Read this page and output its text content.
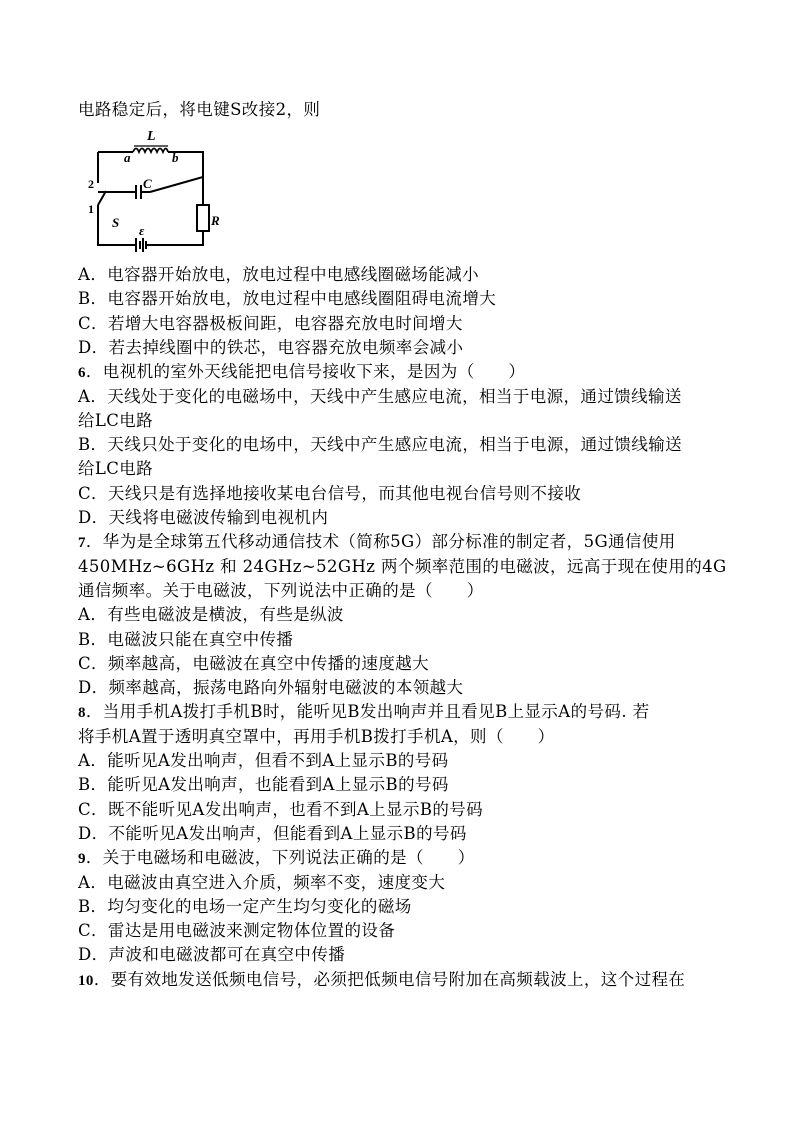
电路稳定后，将电键S改接2，则
L
a	b
C
R
S
ε
2
1
A．电容器开始放电，放电过程中电感线圈磁场能减小
B．电容器开始放电，放电过程中电感线圈阻碍电流增大
C．若增大电容器极板间距，电容器充放电时间增大
D．若去掉线圈中的铁芯，电容器充放电频率会减小
6．电视机的室外天线能把电信号接收下来，是因为（　　）
A．天线处于变化的电磁场中，天线中产生感应电流，相当于电源，通过馈线输送
给LC电路
B．天线只处于变化的电场中，天线中产生感应电流，相当于电源，通过馈线输送
给LC电路
C．天线只是有选择地接收某电台信号，而其他电视台信号则不接收
D．天线将电磁波传输到电视机内
7．华为是全球第五代移动通信技术（简称5G）部分标准的制定者，5G通信使用
450MHz~6GHz 和 24GHz~52GHz 两个频率范围的电磁波，远高于现在使用的4G
通信频率。关于电磁波，下列说法中正确的是（　　）
A．有些电磁波是横波，有些是纵波
B．电磁波只能在真空中传播
C．频率越高，电磁波在真空中传播的速度越大
D．频率越高，振荡电路向外辐射电磁波的本领越大
8．当用手机A拨打手机B时，能听见B发出响声并且看见B上显示A的号码. 若
将手机A置于透明真空罩中，再用手机B拨打手机A，则（　　）
A．能听见A发出响声，但看不到A上显示B的号码
B．能听见A发出响声，也能看到A上显示B的号码
C．既不能听见A发出响声，也看不到A上显示B的号码
D．不能听见A发出响声，但能看到A上显示B的号码
9．关于电磁场和电磁波，下列说法正确的是（　　）
A．电磁波由真空进入介质，频率不变，速度变大
B．均匀变化的电场一定产生均匀变化的磁场
C．雷达是用电磁波来测定物体位置的设备
D．声波和电磁波都可在真空中传播
10．要有效地发送低频电信号，必须把低频电信号附加在高频载波上，这个过程在
